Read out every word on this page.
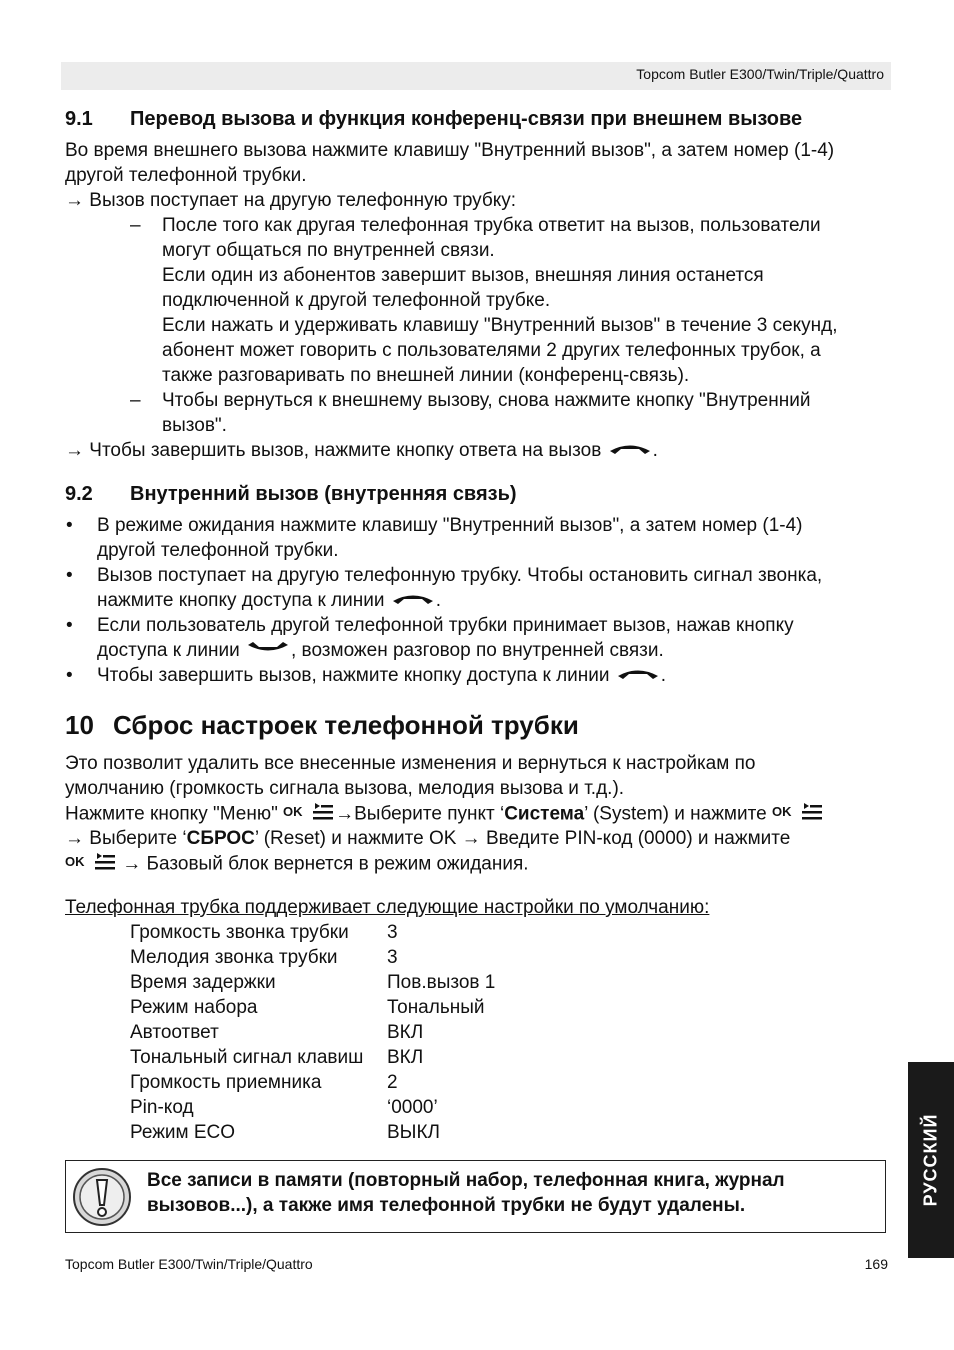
Topcom Butler E300/Twin/Triple/Quattro
9.1 Перевод вызова и функция конференц-связи при внешнем вызове
Во время внешнего вызова нажмите клавишу "Внутренний вызов", а затем номер (1-4)
другой телефонной трубки.
→ Вызов поступает на другую телефонную трубку:
– После того как другая телефонная трубка ответит на вызов, пользователи
могут общаться по внутренней связи.
Если один из абонентов завершит вызов, внешняя линия останется
подключенной к другой телефонной трубке.
Если нажать и удерживать клавишу "Внутренний вызов" в течение 3 секунд,
абонент может говорить с пользователями 2 других телефонных трубок, а
также разговаривать по внешней линии (конференц-связь).
– Чтобы вернуться к внешнему вызову, снова нажмите кнопку "Внутренний
вызов".
→ Чтобы завершить вызов, нажмите кнопку ответа на вызов	.
9.2 Внутренний вызов (внутренняя связь)
• В режиме ожидания нажмите клавишу "Внутренний вызов", а затем номер (1-4)
другой телефонной трубки.
• Вызов поступает на другую телефонную трубку. Чтобы остановить сигнал звонка,
нажмите кнопку доступа к линии	.
• Если пользователь другой телефонной трубки принимает вызов, нажав кнопку
доступа к линии	, возможен разговор по внутренней связи.
• Чтобы завершить вызов, нажмите кнопку доступа к линии	.
10 Сброс настроек телефонной трубки
Это позволит удалить все внесенные изменения и вернуться к настройкам по
умолчанию (громкость сигнала вызова, мелодия вызова и т.д.).
Нажмите кнопку "Меню" OK →Выберите пункт ‘Система’ (System) и нажмите OK
→ Выберите ‘СБРОС’ (Reset) и нажмите OK → Введите PIN-код (0000) и нажмите
OK → Базовый блок вернется в режим ожидания.
Телефонная трубка поддерживает следующие настройки по умолчанию:
Громкость звонка трубки 3
Мелодия звонка трубки	3
Время задержки	Пов.вызов 1
Режим набора	Тональный
Автоответ	ВКЛ
Тональный сигнал клавиш ВКЛ
Громкость приемника	2
Pin-код	‘0000’
Режим ECO	ВЫКЛ
Все записи в памяти (повторный набор, телефонная книга, журнал
вызовов...), а также имя телефонной трубки не будут удалены.	РУССКИЙ
Topcom Butler E300/Twin/Triple/Quattro	169
